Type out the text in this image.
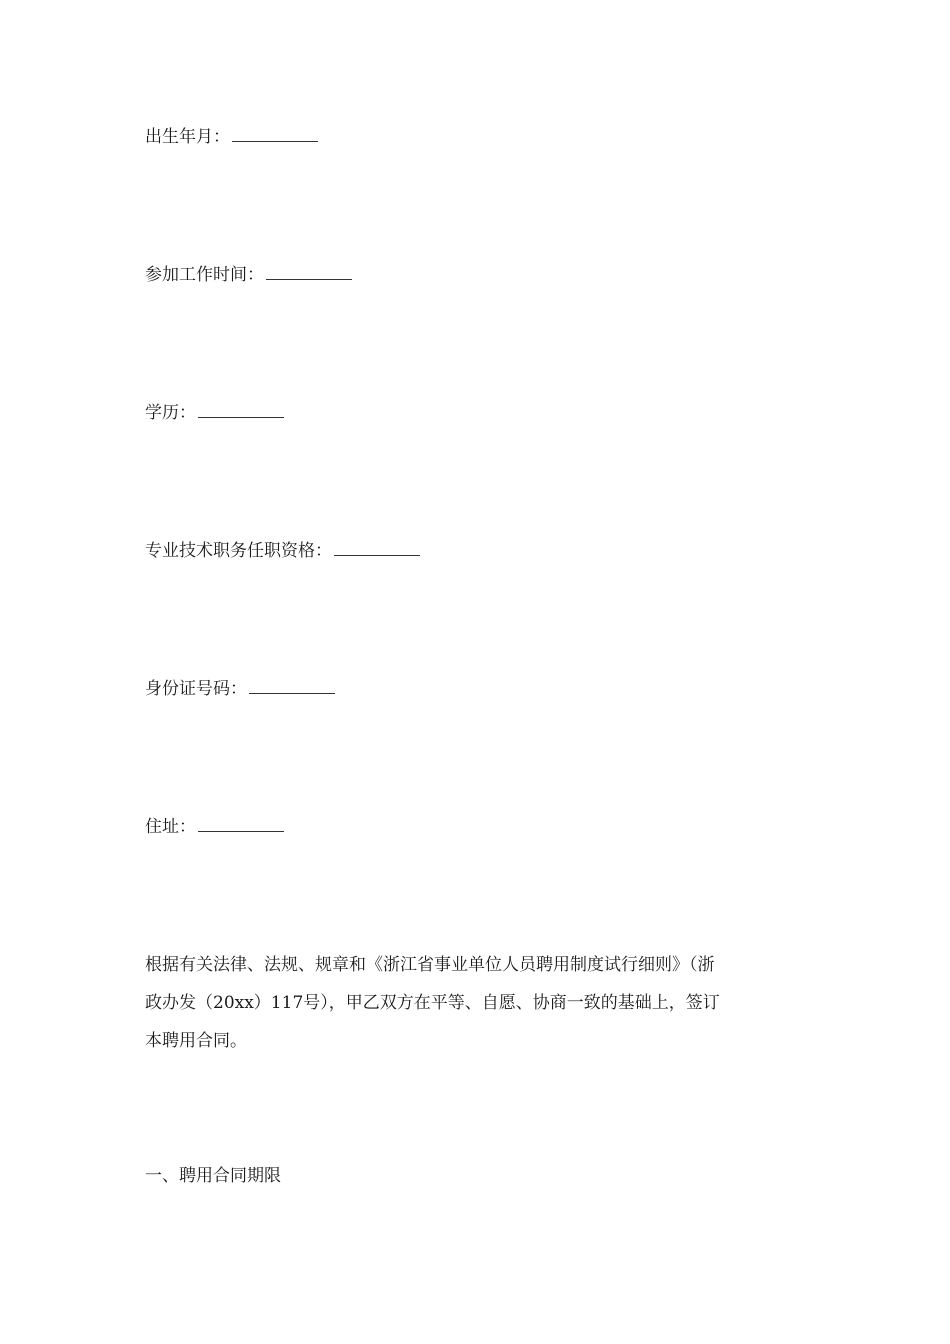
出生年月：
参加工作时间：
学历：
专业技术职务任职资格：
身份证号码：
住址：
根据有关法律、法规、规章和《浙江省事业单位人员聘用制度试行细则》（浙
政办发（20xx）117号），甲乙双方在平等、自愿、协商一致的基础上，签订
本聘用合同。
一、聘用合同期限
